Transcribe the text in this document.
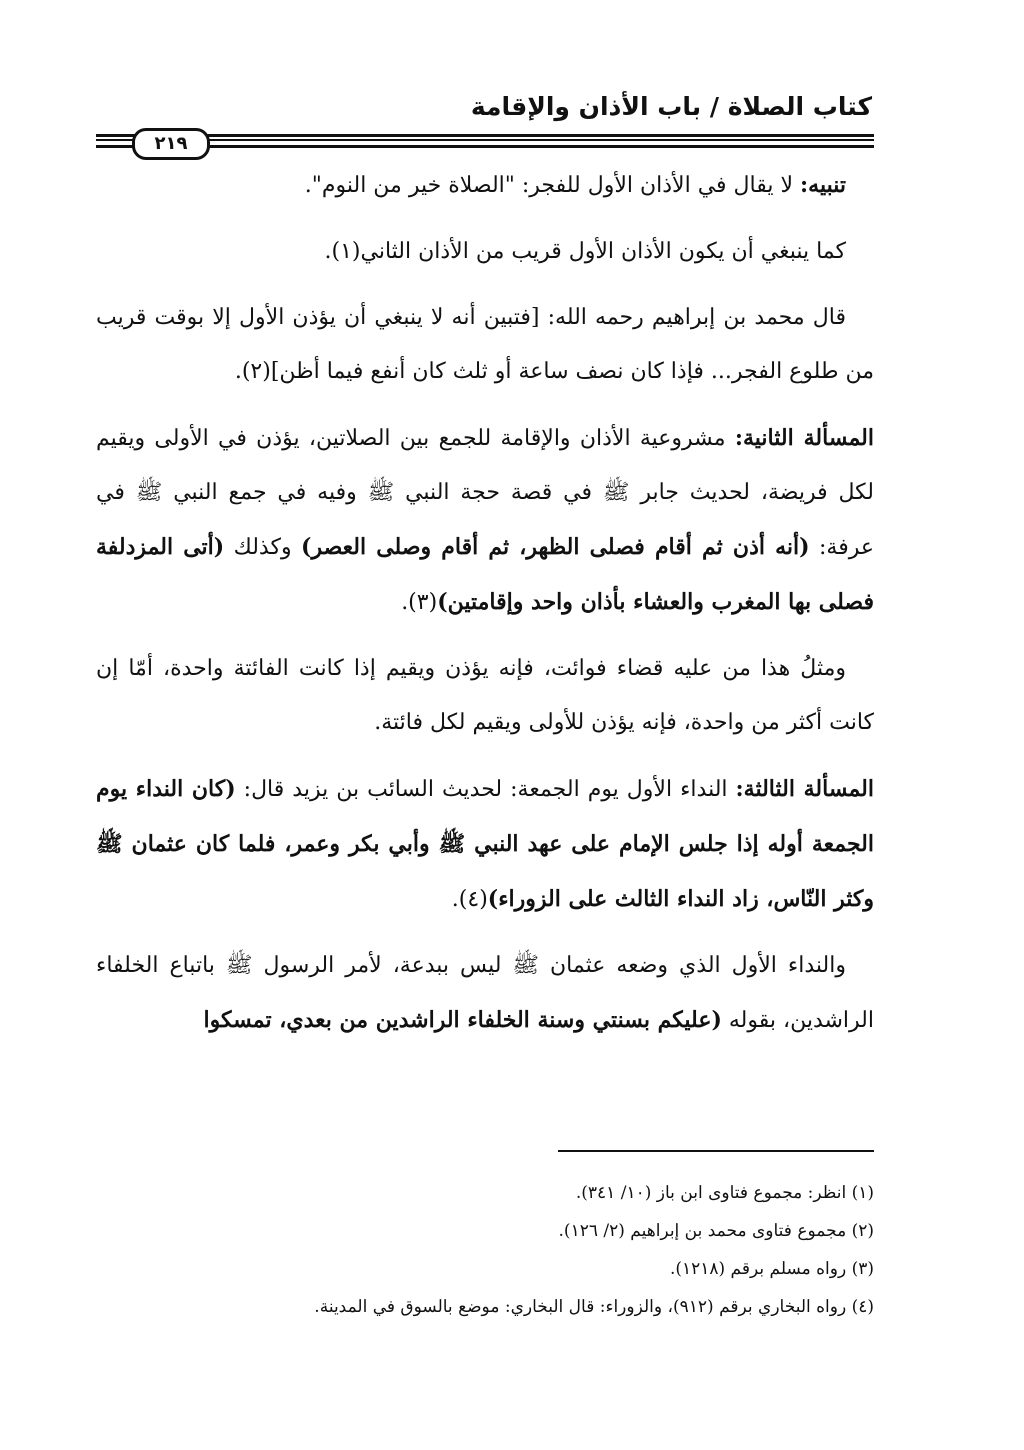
كتاب الصلاة / باب الأذان والإقامة
٢١٩

تنبيه: لا يقال في الأذان الأول للفجر: "الصلاة خير من النوم".

كما ينبغي أن يكون الأذان الأول قريب من الأذان الثاني(١).

قال محمد بن إبراهيم رحمه الله: [فتبين أنه لا ينبغي أن يؤذن الأول إلا بوقت قريب من طلوع الفجر... فإذا كان نصف ساعة أو ثلث كان أنفع فيما أظن](٢).

المسألة الثانية: مشروعية الأذان والإقامة للجمع بين الصلاتين، يؤذن في الأولى ويقيم لكل فريضة، لحديث جابر ﷺ في قصة حجة النبي ﷺ وفيه في جمع النبي ﷺ في عرفة: (أنه أذن ثم أقام فصلى الظهر، ثم أقام وصلى العصر) وكذلك (أتى المزدلفة فصلى بها المغرب والعشاء بأذان واحد وإقامتين)(٣).

ومثلُ هذا من عليه قضاء فوائت، فإنه يؤذن ويقيم إذا كانت الفائتة واحدة، أمّا إن كانت أكثر من واحدة، فإنه يؤذن للأولى ويقيم لكل فائتة.

المسألة الثالثة: النداء الأول يوم الجمعة: لحديث السائب بن يزيد قال: (كان النداء يوم الجمعة أوله إذا جلس الإمام على عهد النبي ﷺ وأبي بكر وعمر، فلما كان عثمان ﷺ وكثر النّاس، زاد النداء الثالث على الزوراء)(٤).

والنداء الأول الذي وضعه عثمان ﷺ ليس ببدعة، لأمر الرسول ﷺ باتباع الخلفاء الراشدين، بقوله (عليكم بسنتي وسنة الخلفاء الراشدين من بعدي، تمسكوا

(١) انظر: مجموع فتاوى ابن باز (١٠/ ٣٤١).
(٢) مجموع فتاوى محمد بن إبراهيم (٢/ ١٢٦).
(٣) رواه مسلم برقم (١٢١٨).
(٤) رواه البخاري برقم (٩١٢)، والزوراء: قال البخاري: موضع بالسوق في المدينة.
